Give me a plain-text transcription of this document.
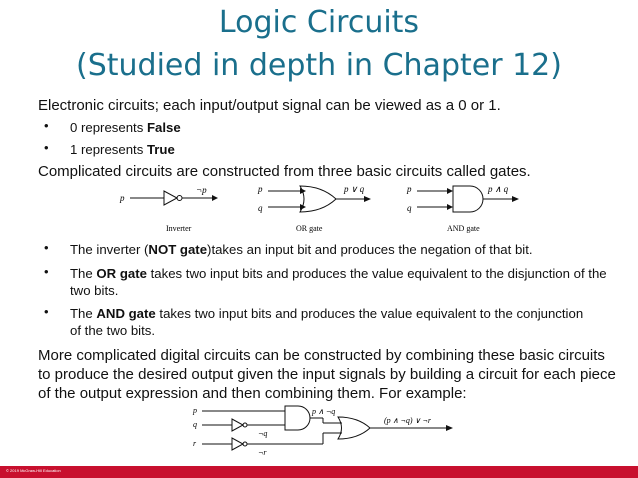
Logic Circuits
(Studied in depth in Chapter 12)
Electronic circuits; each input/output signal can be viewed as a 0 or 1.
• 0 represents False
• 1 represents True
Complicated circuits are constructed from three basic circuits called gates.
p
¬p
Inverter
p
q
p ∨ q
OR gate
p
q
p ∧ q
AND gate
• The inverter (NOT gate)takes an input bit and produces the negation of that bit.
• The OR gate takes two input bits and produces the value equivalent to the disjunction of the two bits.
• The AND gate takes two input bits and produces the value equivalent to the conjunction of the two bits.
More complicated digital circuits can be constructed by combining these basic circuits to produce the desired output given the input signals by building a circuit for each piece of the output expression and then combining them. For example:
p
q
r
¬q
p ∧ ¬q
¬r
(p ∧ ¬q) ∨ ¬r
© 2019 McGraw-Hill Education
